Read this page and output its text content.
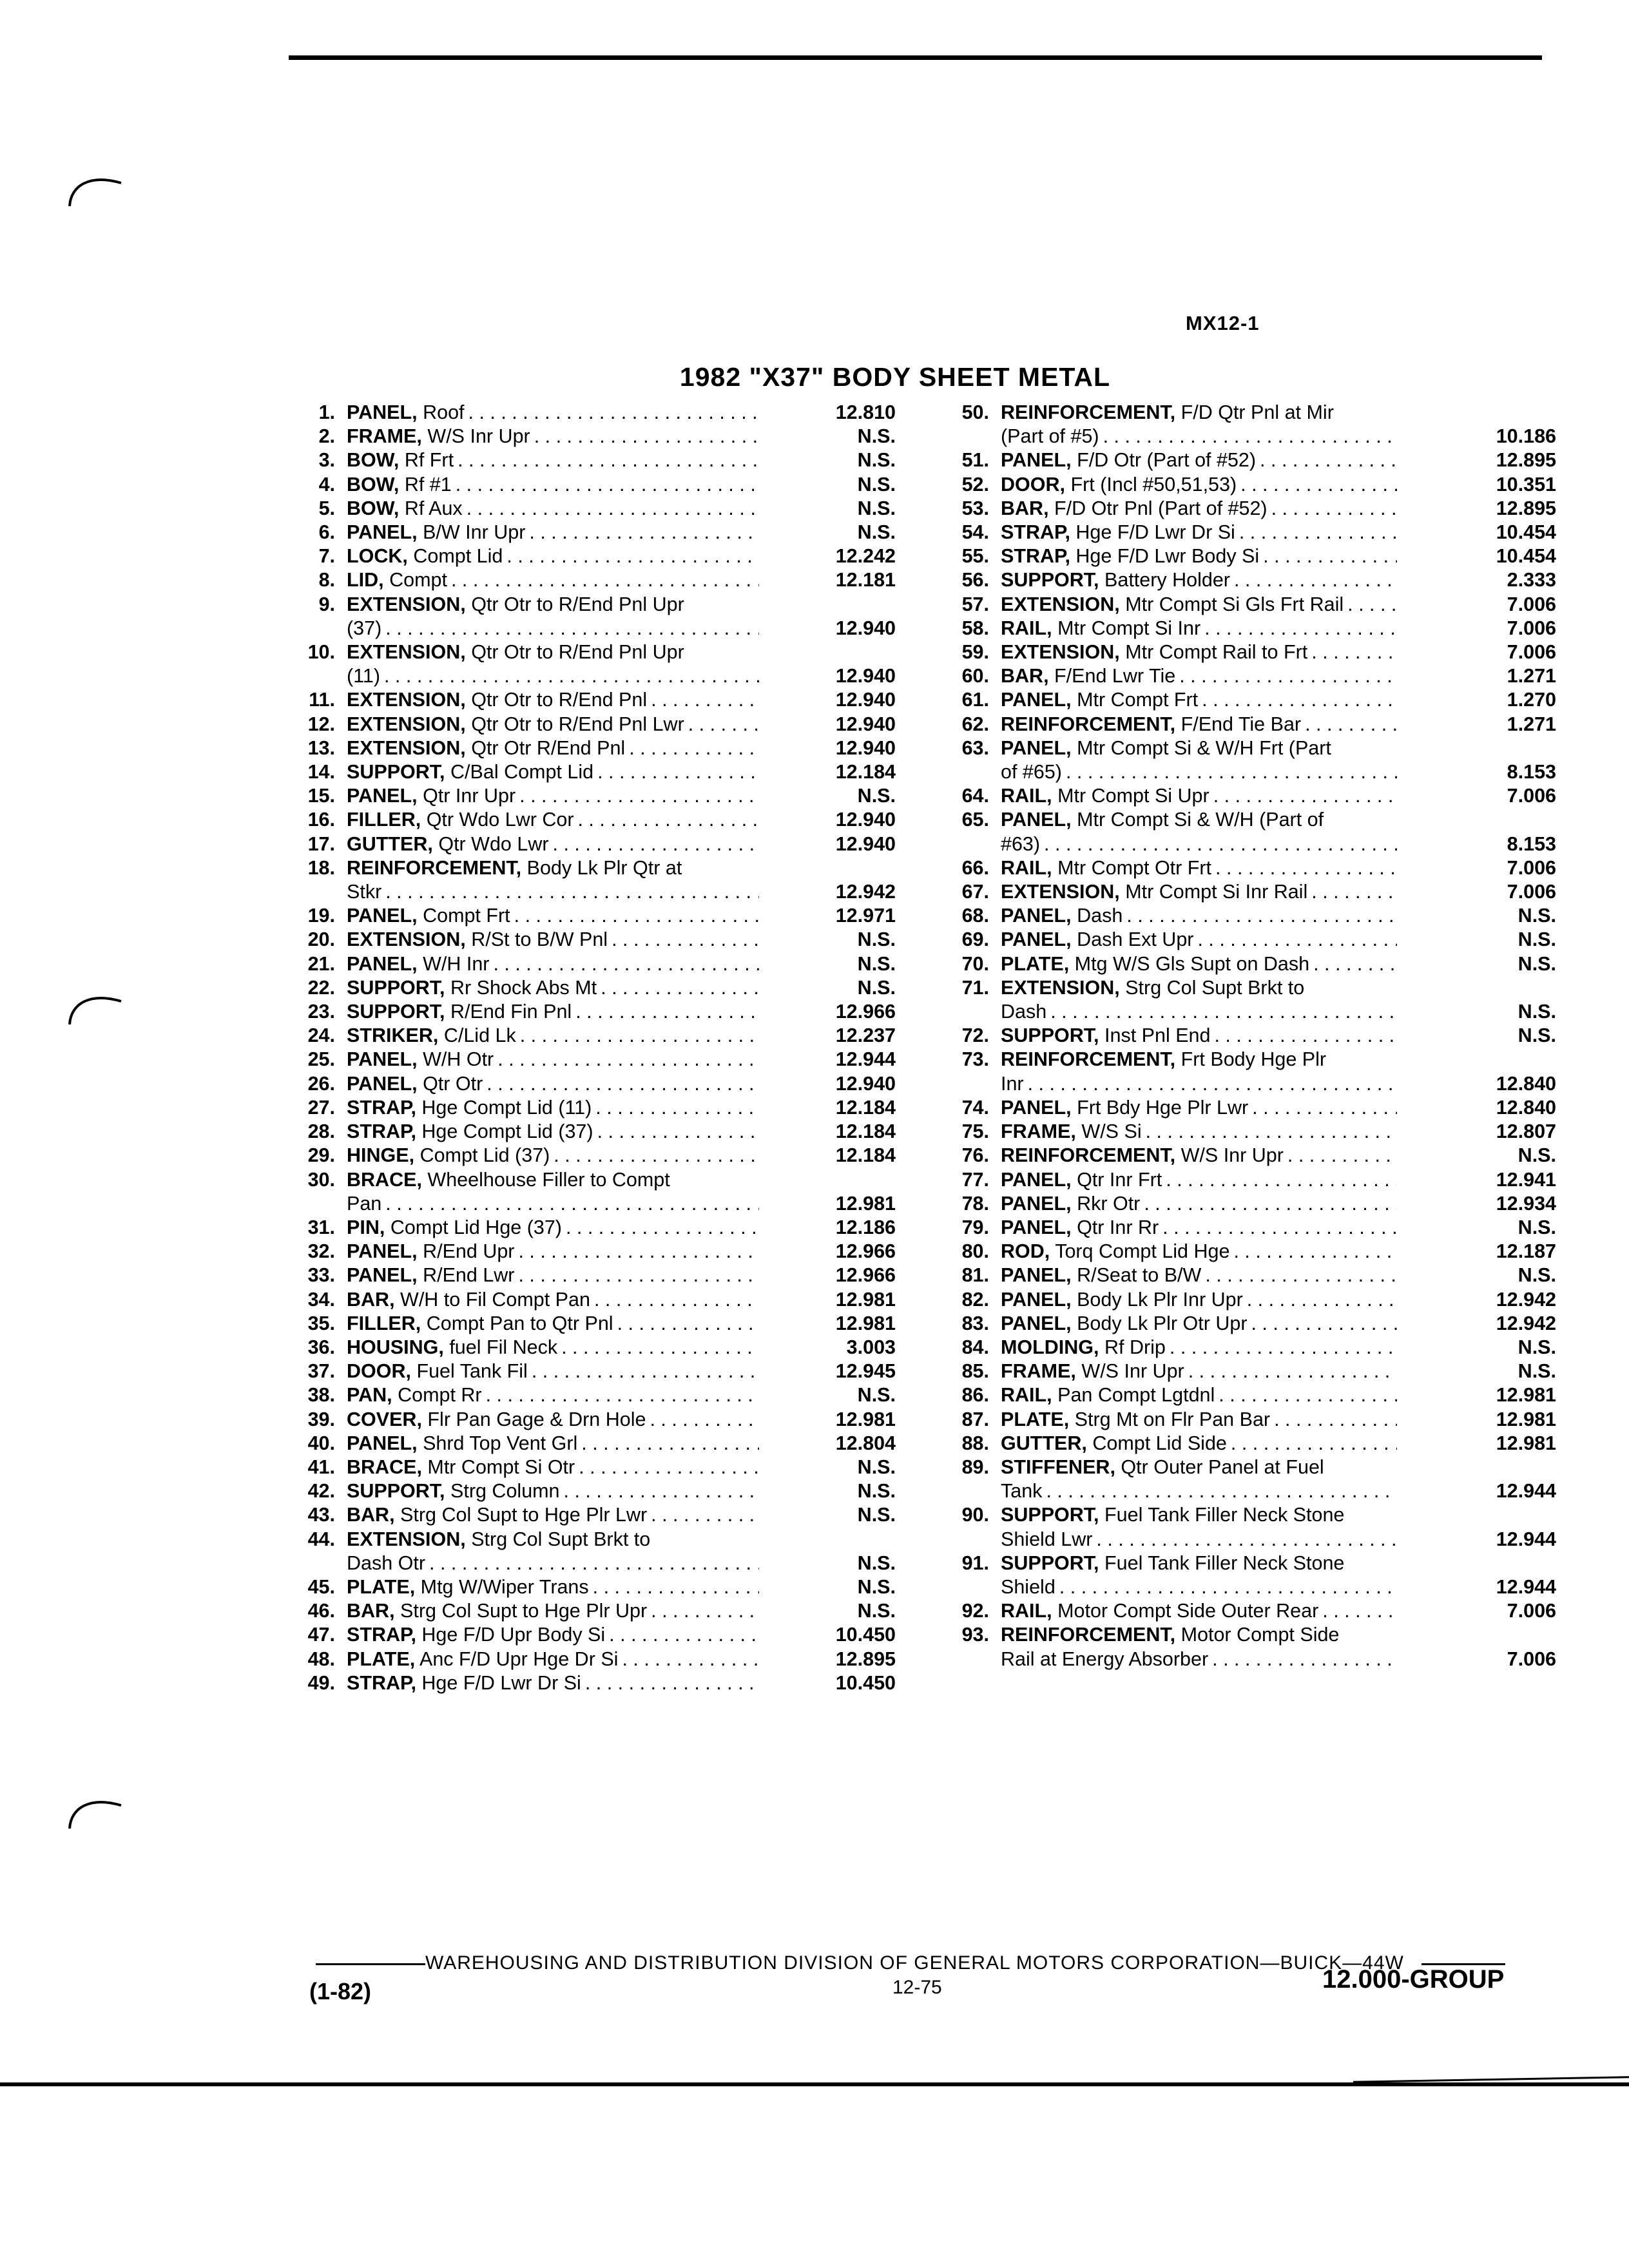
MX12-1
1982 "X37" BODY SHEET METAL
1. PANEL, Roof . . .	12.810
2. FRAME, W/S Inr Upr . . .	N.S.
3. BOW, Rf Frt . . .	N.S.
4. BOW, Rf #1 . . .	N.S.
5. BOW, Rf Aux . . .	N.S.
6. PANEL, B/W Inr Upr . . .	N.S.
7. LOCK, Compt Lid . . .	12.242
8. LID, Compt . . .	12.181
9. EXTENSION, Qtr Otr to R/End Pnl Upr
(37) . . .	12.940
10. EXTENSION, Qtr Otr to R/End Pnl Upr
(11) . . .	12.940
11. EXTENSION, Qtr Otr to R/End Pnl . . .	12.940
12. EXTENSION, Qtr Otr to R/End Pnl Lwr . . .	12.940
13. EXTENSION, Qtr Otr R/End Pnl . . .	12.940
14. SUPPORT, C/Bal Compt Lid . . .	12.184
15. PANEL, Qtr Inr Upr . . .	N.S.
16. FILLER, Qtr Wdo Lwr Cor . . .	12.940
17. GUTTER, Qtr Wdo Lwr . . .	12.940
18. REINFORCEMENT, Body Lk Plr Qtr at
Stkr . . .	12.942
19. PANEL, Compt Frt . . .	12.971
20. EXTENSION, R/St to B/W Pnl . . .	N.S.
21. PANEL, W/H Inr . . .	N.S.
22. SUPPORT, Rr Shock Abs Mt . . .	N.S.
23. SUPPORT, R/End Fin Pnl . . .	12.966
24. STRIKER, C/Lid Lk . . .	12.237
25. PANEL, W/H Otr . . .	12.944
26. PANEL, Qtr Otr . . .	12.940
27. STRAP, Hge Compt Lid (11) . . .	12.184
28. STRAP, Hge Compt Lid (37) . . .	12.184
29. HINGE, Compt Lid (37) . . .	12.184
30. BRACE, Wheelhouse Filler to Compt
Pan . . .	12.981
31. PIN, Compt Lid Hge (37) . . .	12.186
32. PANEL, R/End Upr . . .	12.966
33. PANEL, R/End Lwr . . .	12.966
34. BAR, W/H to Fil Compt Pan . . .	12.981
35. FILLER, Compt Pan to Qtr Pnl . . .	12.981
36. HOUSING, fuel Fil Neck . . .	3.003
37. DOOR, Fuel Tank Fil . . .	12.945
38. PAN, Compt Rr . . .	N.S.
39. COVER, Flr Pan Gage & Drn Hole . . .	12.981
40. PANEL, Shrd Top Vent Grl . . .	12.804
41. BRACE, Mtr Compt Si Otr . . .	N.S.
42. SUPPORT, Strg Column . . .	N.S.
43. BAR, Strg Col Supt to Hge Plr Lwr . . .	N.S.
44. EXTENSION, Strg Col Supt Brkt to
Dash Otr . . .	N.S.
45. PLATE, Mtg W/Wiper Trans . . .	N.S.
46. BAR, Strg Col Supt to Hge Plr Upr . . .	N.S.
47. STRAP, Hge F/D Upr Body Si . . .	10.450
48. PLATE, Anc F/D Upr Hge Dr Si . . .	12.895
49. STRAP, Hge F/D Lwr Dr Si . . .	10.450
50. REINFORCEMENT, F/D Qtr Pnl at Mir
(Part of #5) . . .	10.186
51. PANEL, F/D Otr (Part of #52) . . .	12.895
52. DOOR, Frt (Incl #50,51,53) . . .	10.351
53. BAR, F/D Otr Pnl (Part of #52) . . .	12.895
54. STRAP, Hge F/D Lwr Dr Si . . .	10.454
55. STRAP, Hge F/D Lwr Body Si . . .	10.454
56. SUPPORT, Battery Holder . . .	2.333
57. EXTENSION, Mtr Compt Si Gls Frt Rail . . .	7.006
58. RAIL, Mtr Compt Si Inr . . .	7.006
59. EXTENSION, Mtr Compt Rail to Frt . . .	7.006
60. BAR, F/End Lwr Tie . . .	1.271
61. PANEL, Mtr Compt Frt . . .	1.270
62. REINFORCEMENT, F/End Tie Bar . . .	1.271
63. PANEL, Mtr Compt Si & W/H Frt (Part
of #65) . . .	8.153
64. RAIL, Mtr Compt Si Upr . . .	7.006
65. PANEL, Mtr Compt Si & W/H (Part of
#63) . . .	8.153
66. RAIL, Mtr Compt Otr Frt . . .	7.006
67. EXTENSION, Mtr Compt Si Inr Rail . . .	7.006
68. PANEL, Dash . . .	N.S.
69. PANEL, Dash Ext Upr . . .	N.S.
70. PLATE, Mtg W/S Gls Supt on Dash . . .	N.S.
71. EXTENSION, Strg Col Supt Brkt to
Dash . . .	N.S.
72. SUPPORT, Inst Pnl End . . .	N.S.
73. REINFORCEMENT, Frt Body Hge Plr
Inr . . .	12.840
74. PANEL, Frt Bdy Hge Plr Lwr . . .	12.840
75. FRAME, W/S Si . . .	12.807
76. REINFORCEMENT, W/S Inr Upr . . .	N.S.
77. PANEL, Qtr Inr Frt . . .	12.941
78. PANEL, Rkr Otr . . .	12.934
79. PANEL, Qtr Inr Rr . . .	N.S.
80. ROD, Torq Compt Lid Hge . . .	12.187
81. PANEL, R/Seat to B/W . . .	N.S.
82. PANEL, Body Lk Plr Inr Upr . . .	12.942
83. PANEL, Body Lk Plr Otr Upr . . .	12.942
84. MOLDING, Rf Drip . . .	N.S.
85. FRAME, W/S Inr Upr . . .	N.S.
86. RAIL, Pan Compt Lgtdnl . . .	12.981
87. PLATE, Strg Mt on Flr Pan Bar . . .	12.981
88. GUTTER, Compt Lid Side . . .	12.981
89. STIFFENER, Qtr Outer Panel at Fuel
Tank . . .	12.944
90. SUPPORT, Fuel Tank Filler Neck Stone
Shield Lwr . . .	12.944
91. SUPPORT, Fuel Tank Filler Neck Stone
Shield . . .	12.944
92. RAIL, Motor Compt Side Outer Rear . . .	7.006
93. REINFORCEMENT, Motor Compt Side
Rail at Energy Absorber . . .	7.006
WAREHOUSING AND DISTRIBUTION DIVISION OF GENERAL MOTORS CORPORATION—BUICK—44W
(1-82)	12-75	12.000-GROUP
